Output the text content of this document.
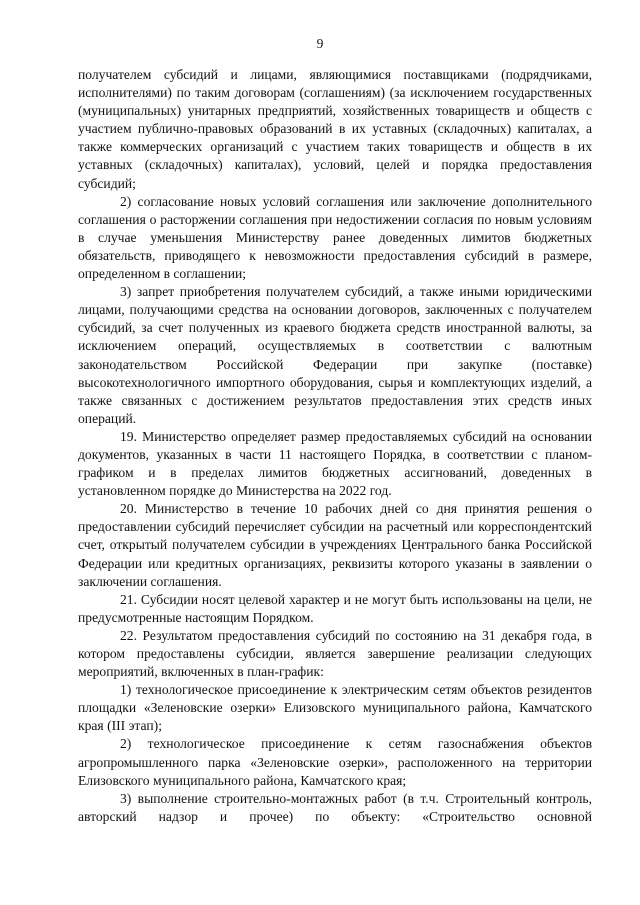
9

получателем субсидий и лицами, являющимися поставщиками (подрядчиками, исполнителями) по таким договорам (соглашениям) (за исключением государственных (муниципальных) унитарных предприятий, хозяйственных товариществ и обществ с участием публично-правовых образований в их уставных (складочных) капиталах, а также коммерческих организаций с участием таких товариществ и обществ в их уставных (складочных) капиталах), условий, целей и порядка предоставления субсидий;

2) согласование новых условий соглашения или заключение дополнительного соглашения о расторжении соглашения при недостижении согласия по новым условиям в случае уменьшения Министерству ранее доведенных лимитов бюджетных обязательств, приводящего к невозможности предоставления субсидий в размере, определенном в соглашении;

3) запрет приобретения получателем субсидий, а также иными юридическими лицами, получающими средства на основании договоров, заключенных с получателем субсидий, за счет полученных из краевого бюджета средств иностранной валюты, за исключением операций, осуществляемых в соответствии с валютным законодательством Российской Федерации при закупке (поставке) высокотехнологичного импортного оборудования, сырья и комплектующих изделий, а также связанных с достижением результатов предоставления этих средств иных операций.

19. Министерство определяет размер предоставляемых субсидий на основании документов, указанных в части 11 настоящего Порядка, в соответствии с планом-графиком и в пределах лимитов бюджетных ассигнований, доведенных в установленном порядке до Министерства на 2022 год.

20. Министерство в течение 10 рабочих дней со дня принятия решения о предоставлении субсидий перечисляет субсидии на расчетный или корреспондентский счет, открытый получателем субсидии в учреждениях Центрального банка Российской Федерации или кредитных организациях, реквизиты которого указаны в заявлении о заключении соглашения.

21. Субсидии носят целевой характер и не могут быть использованы на цели, не предусмотренные настоящим Порядком.

22. Результатом предоставления субсидий по состоянию на 31 декабря года, в котором предоставлены субсидии, является завершение реализации следующих мероприятий, включенных в план-график:

1) технологическое присоединение к электрическим сетям объектов резидентов площадки «Зеленовские озерки» Елизовского муниципального района, Камчатского края (III этап);

2) технологическое присоединение к сетям газоснабжения объектов агропромышленного парка «Зеленовские озерки», расположенного на территории Елизовского муниципального района, Камчатского края;

3) выполнение строительно-монтажных работ (в т.ч. Строительный контроль, авторский надзор и прочее) по объекту: «Строительство основной
